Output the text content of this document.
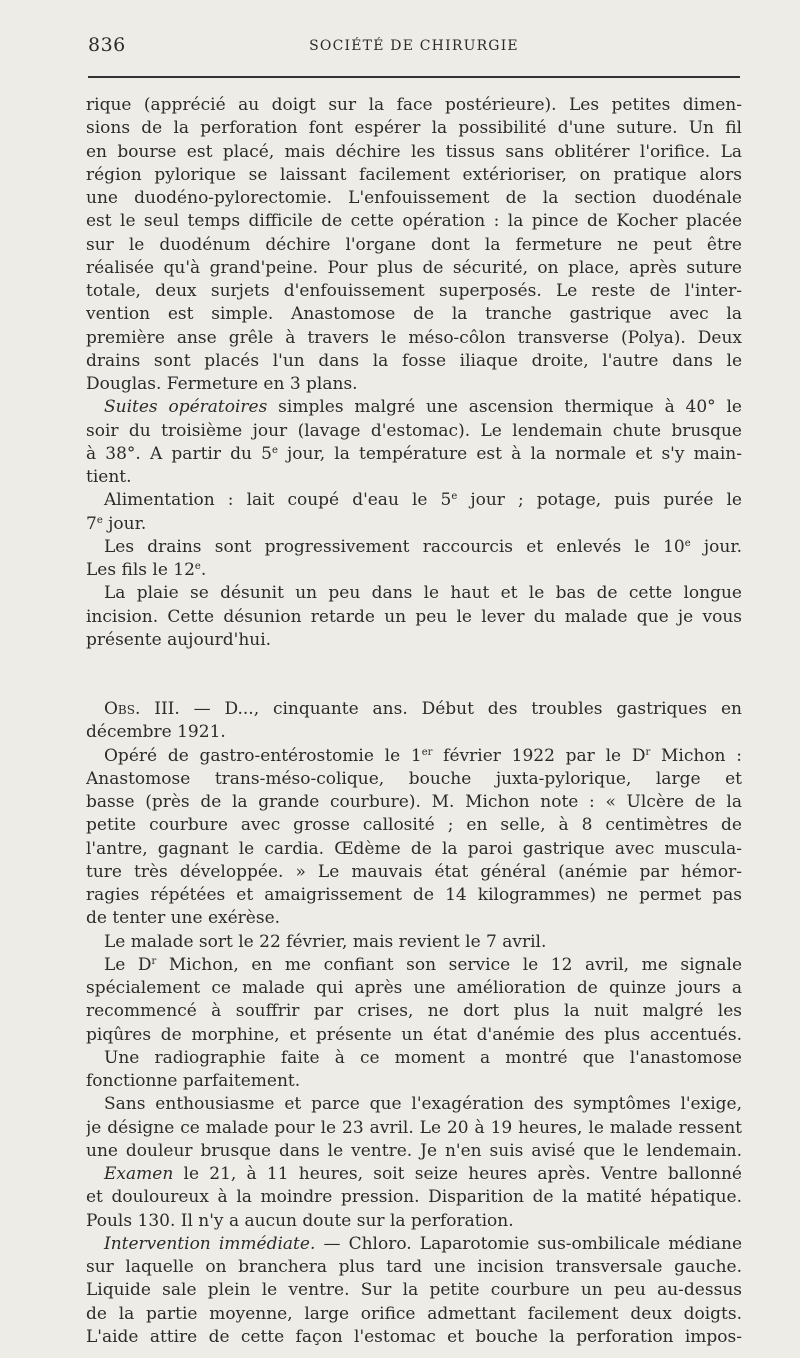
836	SOCIÉTÉ DE CHIRURGIE
rique (apprécié au doigt sur la face postérieure). Les petites dimen-
sions de la perforation font espérer la possibilité d'une suture. Un fil
en bourse est placé, mais déchire les tissus sans oblitérer l'orifice. La
région pylorique se laissant facilement extérioriser, on pratique alors
une duodéno-pylorectomie. L'enfouissement de la section duodénale
est le seul temps difficile de cette opération : la pince de Kocher placée
sur le duodénum déchire l'organe dont la fermeture ne peut être
réalisée qu'à grand'peine. Pour plus de sécurité, on place, après suture
totale, deux surjets d'enfouissement superposés. Le reste de l'inter-
vention est simple. Anastomose de la tranche gastrique avec la
première anse grêle à travers le méso-côlon transverse (Polya). Deux
drains sont placés l'un dans la fosse iliaque droite, l'autre dans le
Douglas. Fermeture en 3 plans.
Suites opératoires simples malgré une ascension thermique à 40° le
soir du troisième jour (lavage d'estomac). Le lendemain chute brusque
à 38°. A partir du 5e jour, la température est à la normale et s'y main-
tient.
Alimentation : lait coupé d'eau le 5e jour ; potage, puis purée le
7e jour.
Les drains sont progressivement raccourcis et enlevés le 10e jour.
Les fils le 12e.
La plaie se désunit un peu dans le haut et le bas de cette longue
incision. Cette désunion retarde un peu le lever du malade que je vous
présente aujourd'hui.
Obs. III. — D..., cinquante ans. Début des troubles gastriques en
décembre 1921.
Opéré de gastro-entérostomie le 1er février 1922 par le $D^r$ Michon :
Anastomose trans-méso-colique, bouche juxta-pylorique, large et
basse (près de la grande courbure). M. Michon note : « Ulcère de la
petite courbure avec grosse callosité ; en selle, à 8 centimètres de
l'antre, gagnant le cardia. Œdème de la paroi gastrique avec muscula-
ture très développée. » Le mauvais état général (anémie par hémor-
ragies répétées et amaigrissement de 14 kilogrammes) ne permet pas
de tenter une exérèse.
Le malade sort le 22 février, mais revient le 7 avril.
Le $D^r$ Michon, en me confiant son service le 12 avril, me signale
spécialement ce malade qui après une amélioration de quinze jours a
recommencé à souffrir par crises, ne dort plus la nuit malgré les
piqûres de morphine, et présente un état d'anémie des plus accentués.
Une radiographie faite à ce moment a montré que l'anastomose
fonctionne parfaitement.
Sans enthousiasme et parce que l'exagération des symptômes l'exige,
je désigne ce malade pour le 23 avril. Le 20 à 19 heures, le malade ressent
une douleur brusque dans le ventre. Je n'en suis avisé que le lendemain.
Examen le 21, à 11 heures, soit seize heures après. Ventre ballonné
et douloureux à la moindre pression. Disparition de la matité hépatique.
Pouls 130. Il n'y a aucun doute sur la perforation.
Intervention immédiate. — Chloro. Laparotomie sus-ombilicale médiane
sur laquelle on branchera plus tard une incision transversale gauche.
Liquide sale plein le ventre. Sur la petite courbure un peu au-dessus
de la partie moyenne, large orifice admettant facilement deux doigts.
L'aide attire de cette façon l'estomac et bouche la perforation impos-
